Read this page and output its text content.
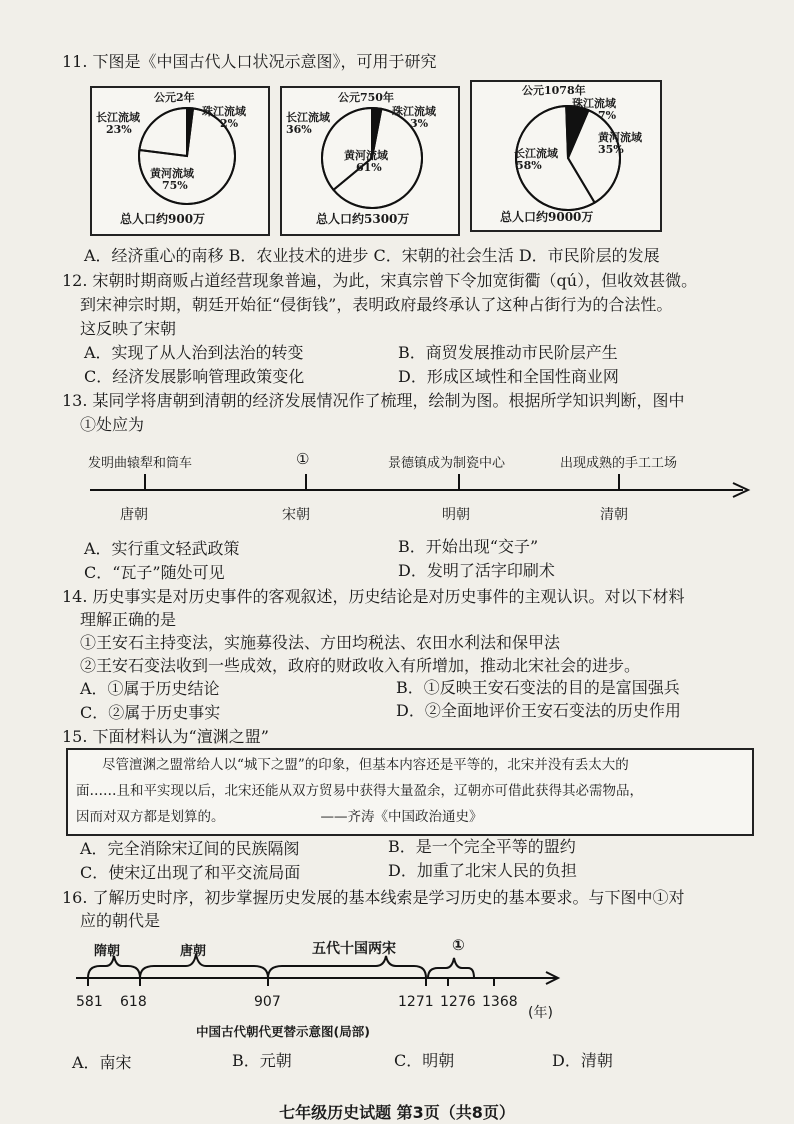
11. 下图是《中国古代人口状况示意图》，可用于研究
公元2年
长江流域
23%
珠江流域
2%
黄河流域
75%
总人口约900万
公元750年
长江流域
36%
珠江流域
3%
黄河流域
61%
总人口约5300万
公元1078年
珠江流域
7%
黄河流域
35%
长江流域
58%
总人口约9000万
A．经济重心的南移 B．农业技术的进步 C．宋朝的社会生活 D．市民阶层的发展
12. 宋朝时期商贩占道经营现象普遍，为此，宋真宗曾下令加宽街衢（qú），但收效甚微。
到宋神宗时期，朝廷开始征“侵街钱”，表明政府最终承认了这种占街行为的合法性。
这反映了宋朝
A．实现了从人治到法治的转变	B．商贸发展推动市民阶层产生
C．经济发展影响管理政策变化	D．形成区域性和全国性商业网
13. 某同学将唐朝到清朝的经济发展情况作了梳理，绘制为图。根据所学知识判断，图中
①处应为
发明曲辕犁和筒车	①	景德镇成为制瓷中心	出现成熟的手工工场
唐朝	宋朝	明朝	清朝
A．实行重文轻武政策	B．开始出现“交子”
C．“瓦子”随处可见	D．发明了活字印刷术
14. 历史事实是对历史事件的客观叙述，历史结论是对历史事件的主观认识。对以下材料
理解正确的是
①王安石主持变法，实施募役法、方田均税法、农田水利法和保甲法
②王安石变法收到一些成效，政府的财政收入有所增加，推动北宋社会的进步。
A．①属于历史结论	B．①反映王安石变法的目的是富国强兵
C．②属于历史事实	D．②全面地评价王安石变法的历史作用
15. 下面材料认为“澶渊之盟”

尽管澶渊之盟常给人以“城下之盟”的印象，但基本内容还是平等的，北宋并没有丢太大的

面……且和平实现以后，北宋还能从双方贸易中获得大量盈余，辽朝亦可借此获得其必需物品，

因而对双方都是划算的。	——齐涛《中国政治通史》

A．完全消除宋辽间的民族隔阂	B．是一个完全平等的盟约
C．使宋辽出现了和平交流局面	D．加重了北宋人民的负担
16. 了解历史时序，初步掌握历史发展的基本线索是学习历史的基本要求。与下图中①对
应的朝代是
隋朝	唐朝	五代十国两宋	①
581 618	907	1271 1276 1368
(年)
中国古代朝代更替示意图(局部)
A．南宋	B．元朝	C．明朝	D．清朝
七年级历史试题 第3页（共8页）
